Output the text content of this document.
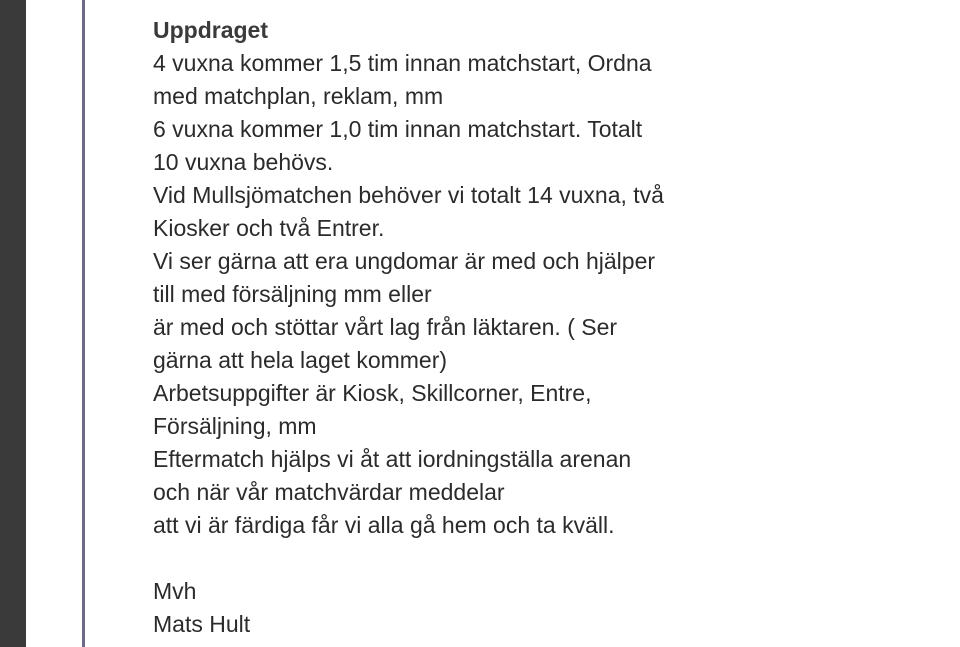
Uppdraget

4 vuxna kommer 1,5 tim innan matchstart, Ordna

med matchplan, reklam, mm

6 vuxna kommer 1,0 tim innan matchstart. Totalt

10 vuxna behövs.

Vid Mullsjömatchen behöver vi totalt 14 vuxna, två

Kiosker och två Entrer.

Vi ser gärna att era ungdomar är med och hjälper

till med försäljning mm eller

är med och stöttar vårt lag från läktaren. ( Ser

gärna att hela laget kommer)

Arbetsuppgifter är Kiosk, Skillcorner, Entre,

Försäljning, mm

Eftermatch hjälps vi åt att iordningställa arenan

och när vår matchvärdar meddelar

att vi är färdiga får vi alla gå hem och ta kväll.

Mvh

Mats Hult
